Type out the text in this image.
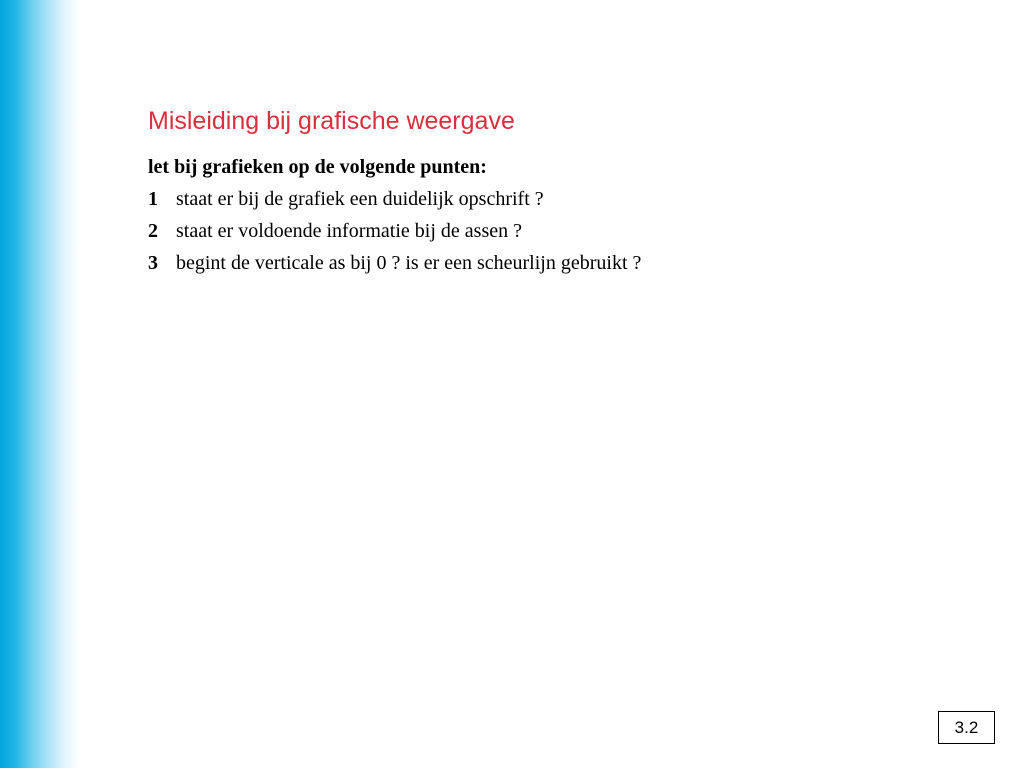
Misleiding bij grafische weergave
let bij grafieken op de volgende punten:
1 staat er bij de grafiek een duidelijk opschrift ?
2 staat er voldoende informatie bij de assen ?
3 begint de verticale as bij 0 ? is er een scheurlijn gebruikt ?
3.2
